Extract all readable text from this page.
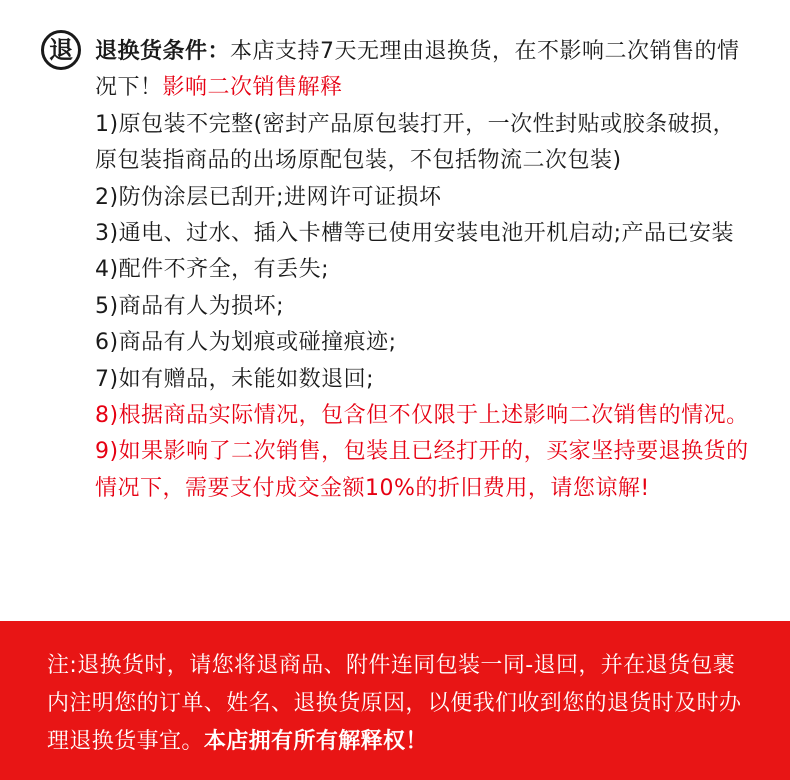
退	退换货条件：本店支持7天无理由退换货，在不影响二次销售的情况下！影响二次销售解释

1)原包装不完整(密封产品原包装打开，一次性封贴或胶条破损，原包装指商品的出场原配包装，不包括物流二次包装)

2)防伪涂层已刮开;进网许可证损坏

3)通电、过水、插入卡槽等已使用安装电池开机启动;产品已安装

4)配件不齐全，有丢失;

5)商品有人为损坏;

6)商品有人为划痕或碰撞痕迹;

7)如有赠品，未能如数退回;

8)根据商品实际情况，包含但不仅限于上述影响二次销售的情况。

9)如果影响了二次销售，包装且已经打开的，买家坚持要退换货的情况下，需要支付成交金额10%的折旧费用，请您谅解!

注:退换货时，请您将退商品、附件连同包装一同-退回，并在退货包裹内注明您的订单、姓名、退换货原因，以便我们收到您的退货时及时办理退换货事宜。本店拥有所有解释权！
